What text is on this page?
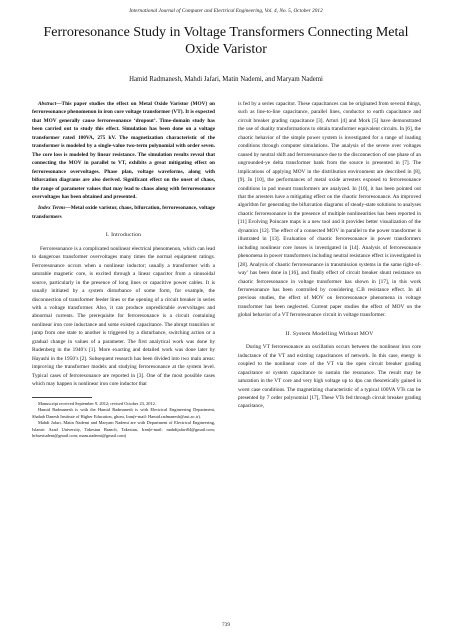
International Journal of Computer and Electrical Engineering, Vol. 4, No. 5, October 2012
Ferroresonance Study in Voltage Transformers Connecting Metal Oxide Varistor
Hamid Radmanesh, Mahdi Jafari, Matin Nademi, and Maryam Nademi

Abstract—This paper studies the effect on Metal Oxide Varistor (MOV) on ferroresonance phenomenon in iron core voltage transformer (VT). It is expected that MOV generally cause ferroresonance ‘dropout’. Time-domain study has been carried out to study this effect. Simulation has been done on a voltage transformer rated 100VA, 275 kV. The magnetization characteristic of the transformer is modeled by a single-value two-term polynomial with order seven. The core loss is modeled by linear resistance. The simulation results reveal that connecting the MOV in parallel to VT, exhibits a great mitigating effect on ferroresonance overvoltages. Phase plan, voltage waveforms, along with bifurcation diagrams are also derived. Significant effect on the onset of chaos, the range of parameter values that may lead to chaos along with ferroresonance overvoltages has been obtained and presented.

Index Terms—Metal oxide varistor, chaos, bifurcation, ferroresonance, voltage transformers

I. Introduction

Ferroresonance is a complicated nonlinear electrical phenomenon, which can lead to dangerous transformer overvoltages many times the normal equipment ratings. Ferroresonance occurs when a nonlinear inductor; usually a transformer with a saturable magnetic core, is excited through a linear capacitor from a sinusoidal source, particularly in the presence of long lines or capacitive power cables. It is usually initiated by a system disturbance of some form, for example, the disconnection of transformer feeder lines or the opening of a circuit breaker in series with a voltage transformer. Also, it can produce unpredictable overvoltages and abnormal currents. The prerequisite for ferroresonance is a circuit containing nonlinear iron core inductance and some existed capacitance. The abrupt transition or jump from one state to another is triggered by a disturbance, switching action or a gradual change in values of a parameter. The first analytical work was done by Rudenberg in the 1940’s [1]. More exacting and detailed work was done later by Hayashi in the 1950’s [2]. Subsequent research has been divided into two main areas: improving the transformer models and studying ferroresonance at the system level. Typical cases of ferroresonance are reported in [3]. One of the most possible cases which may happen is nonlinear iron core inductor that

Manuscript received September 9, 2012; revised October 23, 2012.

Hamid Radmanesh is with the Hamid Radmanesh is with Electrical Engineering Department, Shahab Danesh Institute of Higher Education, ghom, Iran(e-mail: Hamid.radmanesh@aut.ac.ir).

Mahdi Jafari, Matin Nademi and Maryam Nademi are with Department of Electrical Engineering, Islamic Azad University, Takestan Branch, Takestan, Iran(e-mail: mahdijafari84@gmail.com; hrbsestudent@gmail.com; mam.nademi@gmail.com)

is fed by a series capacitor. These capacitances can be originated from several things, such as line-to-line capacitance, parallel lines, conductor to earth capacitance and circuit breaker grading capacitance [3]. Arturi [4] and Mork [5] have demonstrated the use of duality transformations to obtain transformer equivalent circuits. In [6], the chaotic behavior of the simple power system is investigated for a range of loading conditions through computer simulations. The analysis of the severe over voltages caused by neutral shift and ferroresonance due to the disconnection of one phase of an ungrounded-ye delta transformer bank from the source is presented in [7]. The implications of applying MOV in the distribution environment are described in [8], [9]. In [10], the performances of metal oxide arresters exposed to ferroresonance conditions in pad mount transformers are analyzed. In [10], it has been pointed out that the arresters have a mitigating effect on the chaotic ferroresonance. An improved algorithm for generating the bifurcation diagrams of steady-state solutions to analyses chaotic ferroresonance in the presence of multiple nonlinearities has been reported in [11] Evolving Poincare maps is a new tool and it provides better visualization of the dynamics [12]. The effect of a connected MOV in parallel to the power transformer is illustrated in [13]. Evaluation of chaotic ferroresonance in power transformers including nonlinear core losses is investigated in [14]. Analysis of ferroresonance phenomena in power transformers including neutral resistance effect is investigated in [28]. Analysis of chaotic ferroresonance in transmission systems in the same right-of-way’ has been done in [16], and finally effect of circuit breaker shunt resistance on chaotic ferroresonance in voltage transformer has shown in [17], in this work ferroresonance has been controlled by considering C.B resistance effect. In all previous studies, the effect of MOV on ferroresonance phenomena in voltage transformer has been neglected. Current paper studies the effect of MOV on the global behavior of a VT ferroresonance circuit in voltage transformer.

II. System Modelling Without MOV

During VT ferroresonance an oscillation occurs between the nonlinear iron core inductance of the VT and existing capacitances of network. In this case, energy is coupled to the nonlinear core of the VT via the open circuit breaker grading capacitance or system capacitance to sustain the resonance. The result may be saturation in the VT core and very high voltage up to 4pu can theoretically gained in worst case conditions. The magnetizing characteristic of a typical 100VA VTs can be presented by 7 order polynomial [17], These VTs fed through circuit breaker grading capacitance,

739
